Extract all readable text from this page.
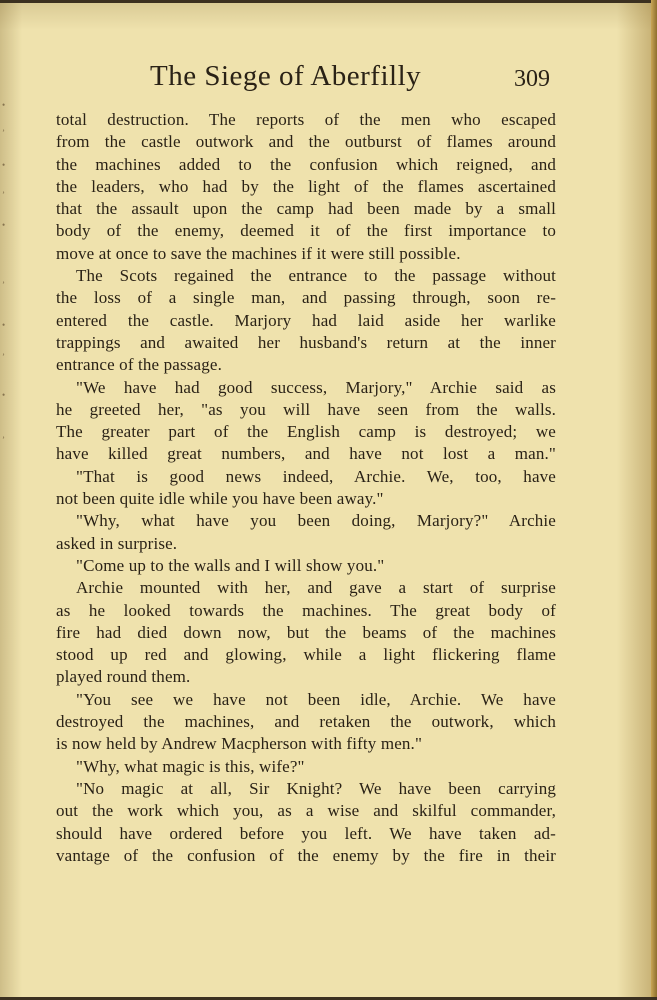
•
’
•
’
•
’
•
’
•
’
The Siege of Aberfilly	309
total destruction. The reports of the men who escaped
from the castle outwork and the outburst of flames around
the machines added to the confusion which reigned, and
the leaders, who had by the light of the flames ascertained
that the assault upon the camp had been made by a small
body of the enemy, deemed it of the first importance to
move at once to save the machines if it were still possible.
The Scots regained the entrance to the passage without
the loss of a single man, and passing through, soon re-
entered the castle. Marjory had laid aside her warlike
trappings and awaited her husband's return at the inner
entrance of the passage.
"We have had good success, Marjory," Archie said as
he greeted her, "as you will have seen from the walls.
The greater part of the English camp is destroyed; we
have killed great numbers, and have not lost a man."
"That is good news indeed, Archie. We, too, have
not been quite idle while you have been away."
"Why, what have you been doing, Marjory?" Archie
asked in surprise.
"Come up to the walls and I will show you."
Archie mounted with her, and gave a start of surprise
as he looked towards the machines. The great body of
fire had died down now, but the beams of the machines
stood up red and glowing, while a light flickering flame
played round them.
"You see we have not been idle, Archie. We have
destroyed the machines, and retaken the outwork, which
is now held by Andrew Macpherson with fifty men."
"Why, what magic is this, wife?"
"No magic at all, Sir Knight? We have been carrying
out the work which you, as a wise and skilful commander,
should have ordered before you left. We have taken ad-
vantage of the confusion of the enemy by the fire in their
